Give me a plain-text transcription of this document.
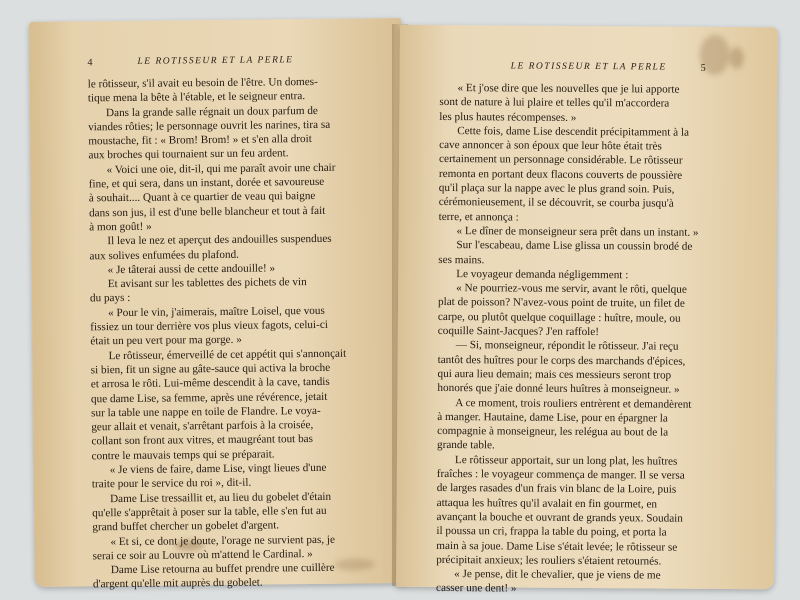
4	LE ROTISSEUR ET LA PERLE
le rôtisseur, s'il avait eu besoin de l'être. Un domes-
tique mena la bête à l'étable, et le seigneur entra.
Dans la grande salle régnait un doux parfum de
viandes rôties; le personnage ouvrit les narines, tira sa
moustache, fit : « Brom! Brom! » et s'en alla droit
aux broches qui tournaient sur un feu ardent.
« Voici une oie, dit-il, qui me paraît avoir une chair
fine, et qui sera, dans un instant, dorée et savoureuse
à souhait.... Quant à ce quartier de veau qui baigne
dans son jus, il est d'une belle blancheur et tout à fait
à mon goût! »
Il leva le nez et aperçut des andouilles suspendues
aux solives enfumées du plafond.
« Je tâterai aussi de cette andouille! »
Et avisant sur les tablettes des pichets de vin
du pays :
« Pour le vin, j'aimerais, maître Loisel, que vous
fissiez un tour derrière vos plus vieux fagots, celui-ci
était un peu vert pour ma gorge. »
Le rôtisseur, émerveillé de cet appétit qui s'annonçait
si bien, fit un signe au gâte-sauce qui activa la broche
et arrosa le rôti. Lui-même descendit à la cave, tandis
que dame Lise, sa femme, après une révérence, jetait
sur la table une nappe en toile de Flandre. Le voya-
geur allait et venait, s'arrêtant parfois à la croisée,
collant son front aux vitres, et maugréant tout bas
contre le mauvais temps qui se préparait.
« Je viens de faire, dame Lise, vingt lieues d'une
traite pour le service du roi », dit-il.
Dame Lise tressaillit et, au lieu du gobelet d'étain
qu'elle s'apprêtait à poser sur la table, elle s'en fut au
grand buffet chercher un gobelet d'argent.
« Et si, ce dont je doute, l'orage ne survient pas, je
serai ce soir au Louvre où m'attend le Cardinal. »
Dame Lise retourna au buffet prendre une cuillère
d'argent qu'elle mit auprès du gobelet.
LE ROTISSEUR ET LA PERLE	5
« Et j'ose dire que les nouvelles que je lui apporte
sont de nature à lui plaire et telles qu'il m'accordera
les plus hautes récompenses. »
Cette fois, dame Lise descendit précipitamment à la
cave annoncer à son époux que leur hôte était très
certainement un personnage considérable. Le rôtisseur
remonta en portant deux flacons couverts de poussière
qu'il plaça sur la nappe avec le plus grand soin. Puis,
cérémonieusement, il se découvrit, se courba jusqu'à
terre, et annonça :
« Le dîner de monseigneur sera prêt dans un instant. »
Sur l'escabeau, dame Lise glissa un coussin brodé de
ses mains.
Le voyageur demanda négligemment :
« Ne pourriez-vous me servir, avant le rôti, quelque
plat de poisson? N'avez-vous point de truite, un filet de
carpe, ou plutôt quelque coquillage : huître, moule, ou
coquille Saint-Jacques? J'en raffole!
— Si, monseigneur, répondit le rôtisseur. J'ai reçu
tantôt des huîtres pour le corps des marchands d'épices,
qui aura lieu demain; mais ces messieurs seront trop
honorés que j'aie donné leurs huîtres à monseigneur. »
A ce moment, trois rouliers entrèrent et demandèrent
à manger. Hautaine, dame Lise, pour en épargner la
compagnie à monseigneur, les relégua au bout de la
grande table.
Le rôtisseur apportait, sur un long plat, les huîtres
fraîches : le voyageur commença de manger. Il se versa
de larges rasades d'un frais vin blanc de la Loire, puis
attaqua les huîtres qu'il avalait en fin gourmet, en
avançant la bouche et ouvrant de grands yeux. Soudain
il poussa un cri, frappa la table du poing, et porta la
main à sa joue. Dame Lise s'était levée; le rôtisseur se
précipitait anxieux; les rouliers s'étaient retournés.
« Je pense, dit le chevalier, que je viens de me
casser une dent! »
